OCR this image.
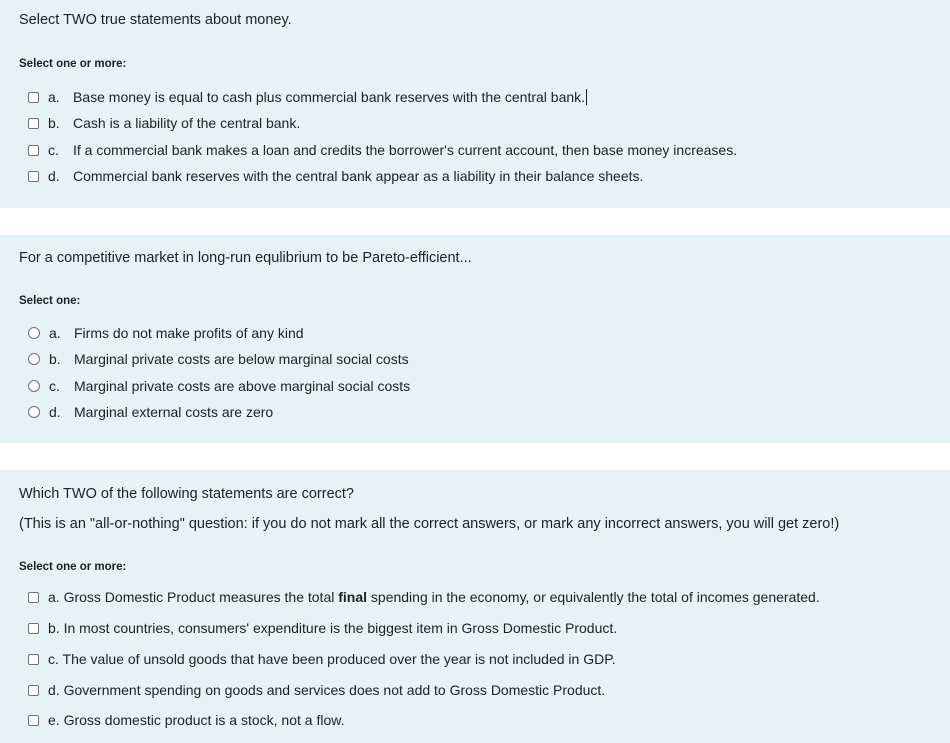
Select TWO true statements about money.
Select one or more:
a. Base money is equal to cash plus commercial bank reserves with the central bank.
b. Cash is a liability of the central bank.
c.	If a commercial bank makes a loan and credits the borrower's current account, then base money increases.
d. Commercial bank reserves with the central bank appear as a liability in their balance sheets.
For a competitive market in long-run equlibrium to be Pareto-efficient...
Select one:
a. Firms do not make profits of any kind
b. Marginal private costs are below marginal social costs
c.	Marginal private costs are above marginal social costs
d. Marginal external costs are zero
Which TWO of the following statements are correct?
(This is an "all-or-nothing" question: if you do not mark all the correct answers, or mark any incorrect answers, you will get zero!)
Select one or more:
a. Gross Domestic Product measures the total final spending in the economy, or equivalently the total of incomes generated.
b. In most countries, consumers' expenditure is the biggest item in Gross Domestic Product.
c. The value of unsold goods that have been produced over the year is not included in GDP.
d. Government spending on goods and services does not add to Gross Domestic Product.
e. Gross domestic product is a stock, not a flow.
